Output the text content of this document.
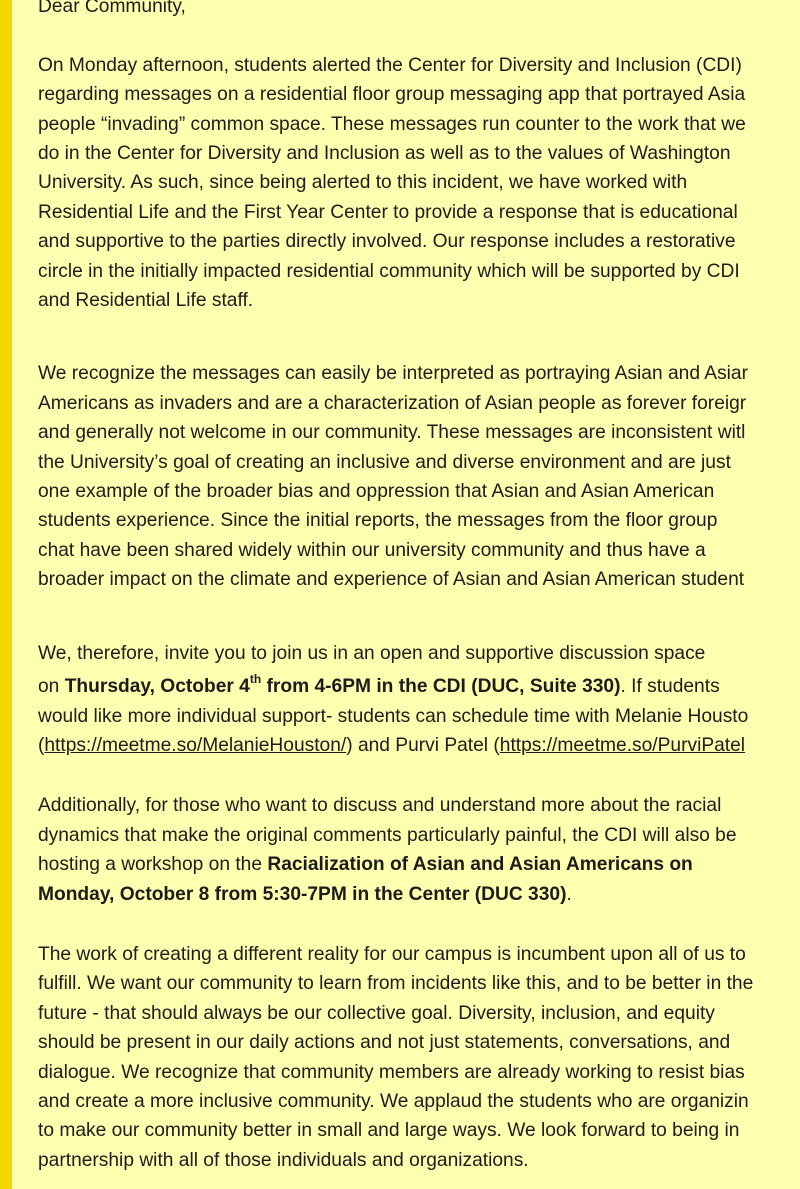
Dear Community,
On Monday afternoon, students alerted the Center for Diversity and Inclusion (CDI)
regarding messages on a residential floor group messaging app that portrayed Asia
people “invading” common space. These messages run counter to the work that we
do in the Center for Diversity and Inclusion as well as to the values of Washington
University. As such, since being alerted to this incident, we have worked with
Residential Life and the First Year Center to provide a response that is educational
and supportive to the parties directly involved. Our response includes a restorative
circle in the initially impacted residential community which will be supported by CDI
and Residential Life staff.
We recognize the messages can easily be interpreted as portraying Asian and Asiar
Americans as invaders and are a characterization of Asian people as forever foreigr
and generally not welcome in our community. These messages are inconsistent witl
the University’s goal of creating an inclusive and diverse environment and are just
one example of the broader bias and oppression that Asian and Asian American
students experience. Since the initial reports, the messages from the floor group
chat have been shared widely within our university community and thus have a
broader impact on the climate and experience of Asian and Asian American student
We, therefore, invite you to join us in an open and supportive discussion space
on Thursday, October 4th from 4-6PM in the CDI (DUC, Suite 330). If students
would like more individual support- students can schedule time with Melanie Housto
(https://meetme.so/MelanieHouston/) and Purvi Patel (https://meetme.so/PurviPatel
Additionally, for those who want to discuss and understand more about the racial
dynamics that make the original comments particularly painful, the CDI will also be
hosting a workshop on the Racialization of Asian and Asian Americans on
Monday, October 8 from 5:30-7PM in the Center (DUC 330).
The work of creating a different reality for our campus is incumbent upon all of us to
fulfill. We want our community to learn from incidents like this, and to be better in the
future - that should always be our collective goal. Diversity, inclusion, and equity
should be present in our daily actions and not just statements, conversations, and
dialogue. We recognize that community members are already working to resist bias
and create a more inclusive community. We applaud the students who are organizin
to make our community better in small and large ways. We look forward to being in
partnership with all of those individuals and organizations.
